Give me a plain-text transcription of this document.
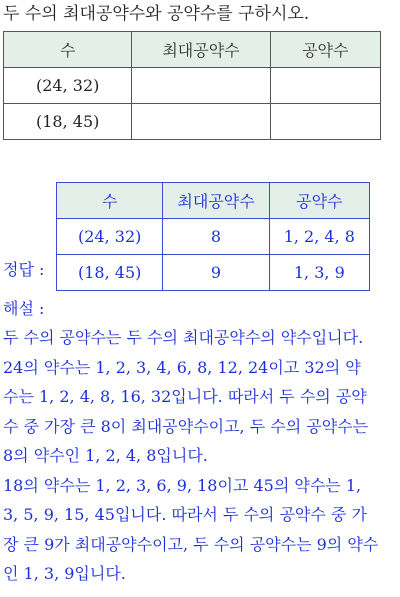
두 수의 최대공약수와 공약수를 구하시오.
수	최대공약수	공약수
(24, 32)		
(18, 45)		
정답 :
수	최대공약수	공약수
(24, 32)	8	1, 2, 4, 8
(18, 45)	9	1, 3, 9
해설 :
두 수의 공약수는 두 수의 최대공약수의 약수입니다.
24의 약수는 1, 2, 3, 4, 6, 8, 12, 24이고 32의 약
수는 1, 2, 4, 8, 16, 32입니다. 따라서 두 수의 공약
수 중 가장 큰 8이 최대공약수이고, 두 수의 공약수는
8의 약수인 1, 2, 4, 8입니다.
18의 약수는 1, 2, 3, 6, 9, 18이고 45의 약수는 1,
3, 5, 9, 15, 45입니다. 따라서 두 수의 공약수 중 가
장 큰 9가 최대공약수이고, 두 수의 공약수는 9의 약수
인 1, 3, 9입니다.
